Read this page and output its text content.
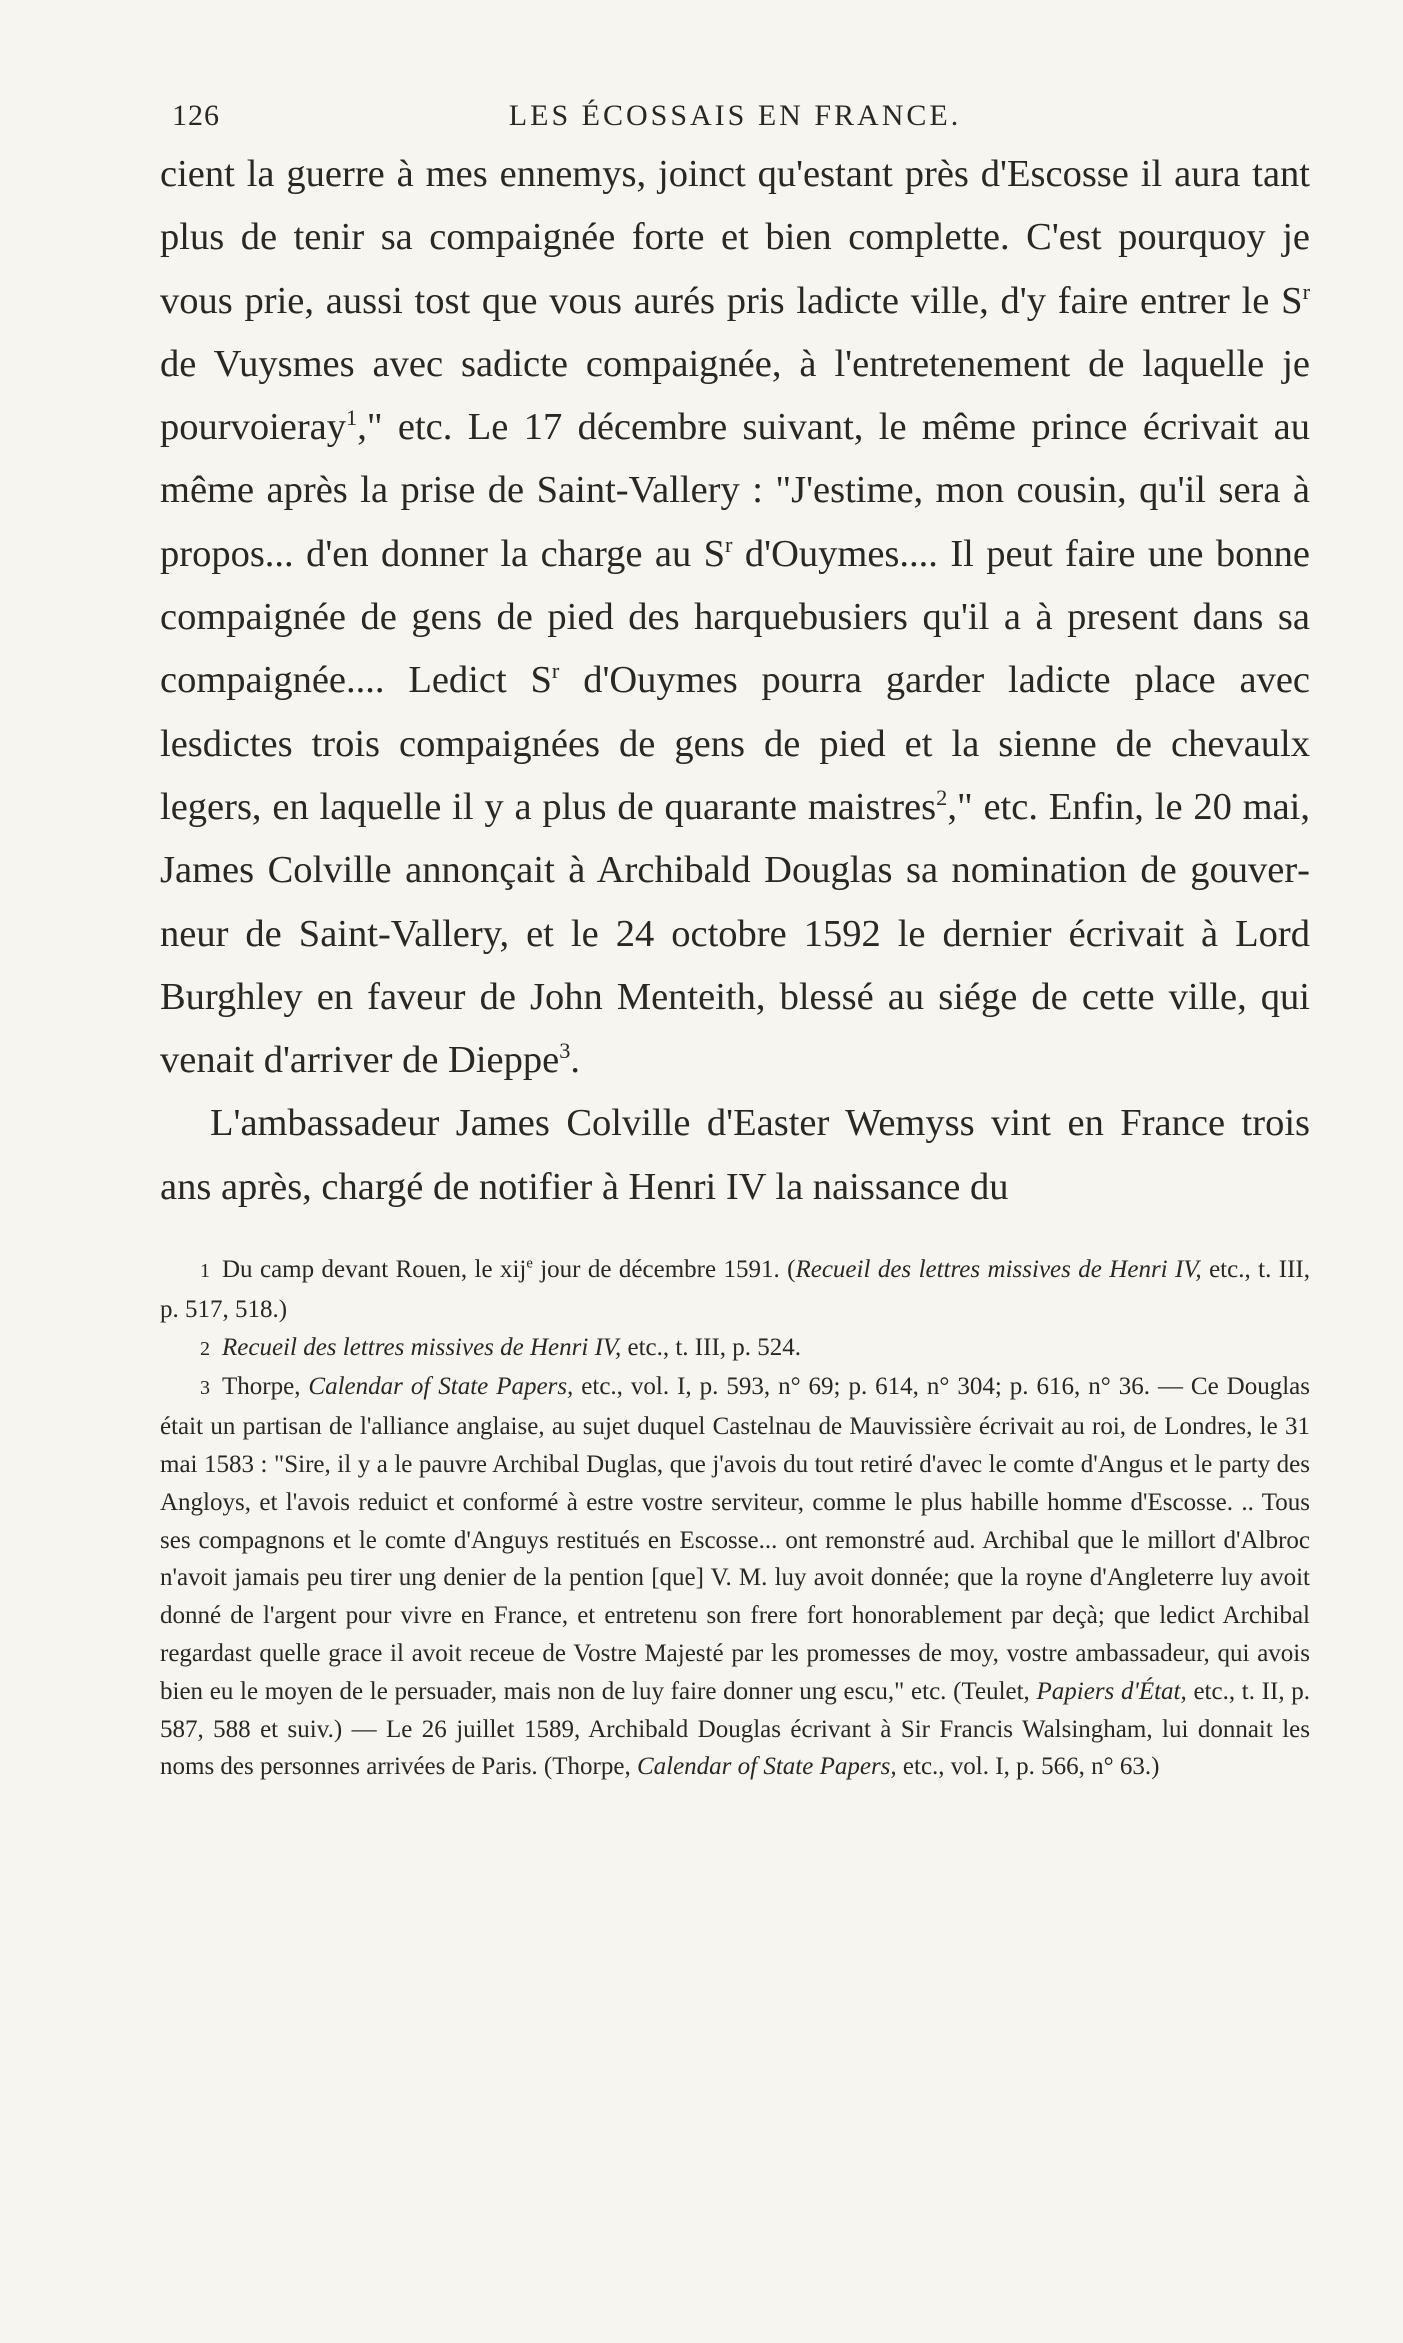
126	LES ÉCOSSAIS EN FRANCE.

cient la guerre à mes ennemys, joinct qu'estant près d'Escosse il aura tant plus de tenir sa compaignée forte et bien complette. C'est pourquoy je vous prie, aussi tost que vous aurés pris ladicte ville, d'y faire entrer le $S^r$ de Vuysmes avec sadicte compaignée, à l'entretenement de laquelle je pourvoieray$^1$," etc. Le 17 décembre suivant, le même prince écrivait au même après la prise de Saint-Vallery : "J'estime, mon cousin, qu'il sera à propos... d'en donner la charge au $S^r$ d'Ouymes.... Il peut faire une bonne compaignée de gens de pied des harquebusiers qu'il a à present dans sa compaignée.... Ledict $S^r$ d'Ouymes pourra garder ladicte place avec lesdictes trois compaignées de gens de pied et la sienne de chevaulx legers, en laquelle il y a plus de quarante maistres$^2$," etc. Enfin, le 20 mai, James Colville annonçait à Archibald Douglas sa nomination de gouverneur de Saint-Vallery, et le 24 octobre 1592 le dernier écrivait à Lord Burghley en faveur de John Menteith, blessé au siége de cette ville, qui venait d'arriver de Dieppe$^3$.

L'ambassadeur James Colville d'Easter Wemyss vint en France trois ans après, chargé de notifier à Henri IV la naissance du

1 Du camp devant Rouen, le xij$^e$ jour de décembre 1591. (Recueil des lettres missives de Henri IV, etc., t. III, p. 517, 518.)

2 Recueil des lettres missives de Henri IV, etc., t. III, p. 524.

3 Thorpe, Calendar of State Papers, etc., vol. I, p. 593, n° 69; p. 614, n° 304; p. 616, n° 36. — Ce Douglas était un partisan de l'alliance anglaise, au sujet duquel Castelnau de Mauvissière écrivait au roi, de Londres, le 31 mai 1583 : "Sire, il y a le pauvre Archibal Duglas, que j'avois du tout retiré d'avec le comte d'Angus et le party des Angloys, et l'avois reduict et conformé à estre vostre serviteur, comme le plus habille homme d'Escosse. .. Tous ses compagnons et le comte d'Anguys restitués en Escosse... ont remonstré aud. Archibal que le millort d'Albroc n'avoit jamais peu tirer ung denier de la pention [que] V. M. luy avoit donnée; que la royne d'Angleterre luy avoit donné de l'argent pour vivre en France, et entretenu son frere fort honorablement par deçà; que ledict Archibal regardast quelle grace il avoit receue de Vostre Majesté par les promesses de moy, vostre ambassadeur, qui avois bien eu le moyen de le persuader, mais non de luy faire donner ung escu," etc. (Teulet, Papiers d'État, etc., t. II, p. 587, 588 et suiv.) — Le 26 juillet 1589, Archibald Douglas écrivant à Sir Francis Walsingham, lui donnait les noms des personnes arrivées de Paris. (Thorpe, Calendar of State Papers, etc., vol. I, p. 566, n° 63.)
